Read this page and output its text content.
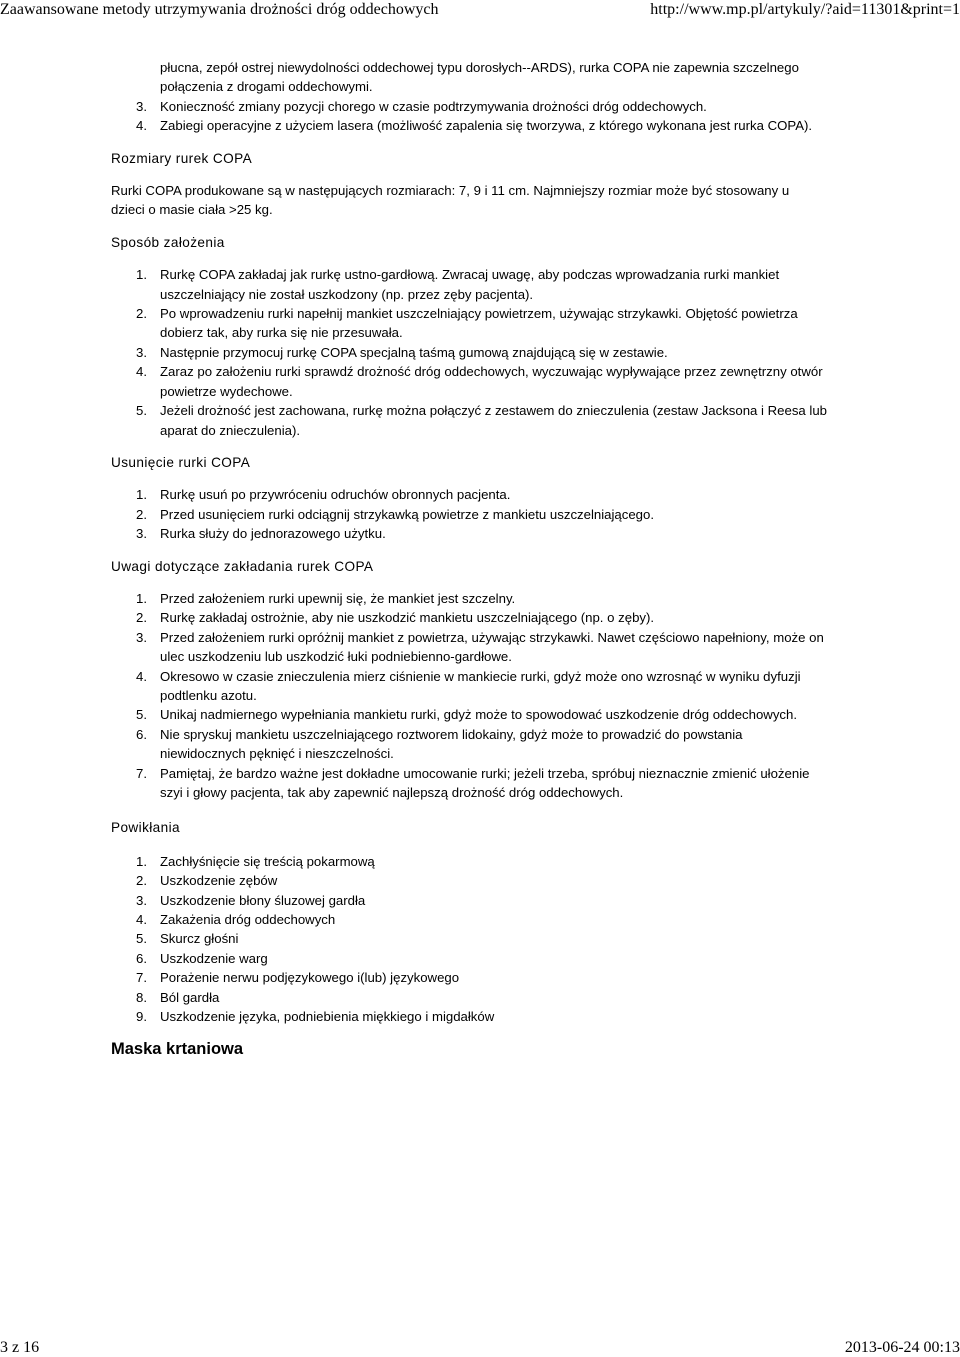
Zaawansowane metody utrzymywania drożności dróg oddechowych	http://www.mp.pl/artykuly/?aid=11301&print=1
płucna, zepół ostrej niewydolności oddechowej typu dorosłych--ARDS), rurka COPA nie zapewnia szczelnego
połączenia z drogami oddechowymi.
3. Konieczność zmiany pozycji chorego w czasie podtrzymywania drożności dróg oddechowych.
4. Zabiegi operacyjne z użyciem lasera (możliwość zapalenia się tworzywa, z którego wykonana jest rurka COPA).

Rozmiary rurek COPA

Rurki COPA produkowane są w następujących rozmiarach: 7, 9 i 11 cm. Najmniejszy rozmiar może być stosowany u
dzieci o masie ciała >25 kg.

Sposób założenia

1. Rurkę COPA zakładaj jak rurkę ustno-gardłową. Zwracaj uwagę, aby podczas wprowadzania rurki mankiet
uszczelniający nie został uszkodzony (np. przez zęby pacjenta).
2. Po wprowadzeniu rurki napełnij mankiet uszczelniający powietrzem, używając strzykawki. Objętość powietrza
dobierz tak, aby rurka się nie przesuwała.
3. Następnie przymocuj rurkę COPA specjalną taśmą gumową znajdującą się w zestawie.
4. Zaraz po założeniu rurki sprawdź drożność dróg oddechowych, wyczuwając wypływające przez zewnętrzny otwór
powietrze wydechowe.
5. Jeżeli drożność jest zachowana, rurkę można połączyć z zestawem do znieczulenia (zestaw Jacksona i Reesa lub
aparat do znieczulenia).

Usunięcie rurki COPA

1. Rurkę usuń po przywróceniu odruchów obronnych pacjenta.
2. Przed usunięciem rurki odciągnij strzykawką powietrze z mankietu uszczelniającego.
3. Rurka służy do jednorazowego użytku.

Uwagi dotyczące zakładania rurek COPA

1. Przed założeniem rurki upewnij się, że mankiet jest szczelny.
2. Rurkę zakładaj ostrożnie, aby nie uszkodzić mankietu uszczelniającego (np. o zęby).
3. Przed założeniem rurki opróżnij mankiet z powietrza, używając strzykawki. Nawet częściowo napełniony, może on
ulec uszkodzeniu lub uszkodzić łuki podniebienno-gardłowe.
4. Okresowo w czasie znieczulenia mierz ciśnienie w mankiecie rurki, gdyż może ono wzrosnąć w wyniku dyfuzji
podtlenku azotu.
5. Unikaj nadmiernego wypełniania mankietu rurki, gdyż może to spowodować uszkodzenie dróg oddechowych.
6. Nie spryskuj mankietu uszczelniającego roztworem lidokainy, gdyż może to prowadzić do powstania
niewidocznych pęknięć i nieszczelności.
7. Pamiętaj, że bardzo ważne jest dokładne umocowanie rurki; jeżeli trzeba, spróbuj nieznacznie zmienić ułożenie
szyi i głowy pacjenta, tak aby zapewnić najlepszą drożność dróg oddechowych.

Powikłania

1. Zachłyśnięcie się treścią pokarmową
2. Uszkodzenie zębów
3. Uszkodzenie błony śluzowej gardła
4. Zakażenia dróg oddechowych
5. Skurcz głośni
6. Uszkodzenie warg
7. Porażenie nerwu podjęzykowego i(lub) językowego
8. Ból gardła
9. Uszkodzenie języka, podniebienia miękkiego i migdałków

Maska krtaniowa

3 z 16	2013-06-24 00:13
